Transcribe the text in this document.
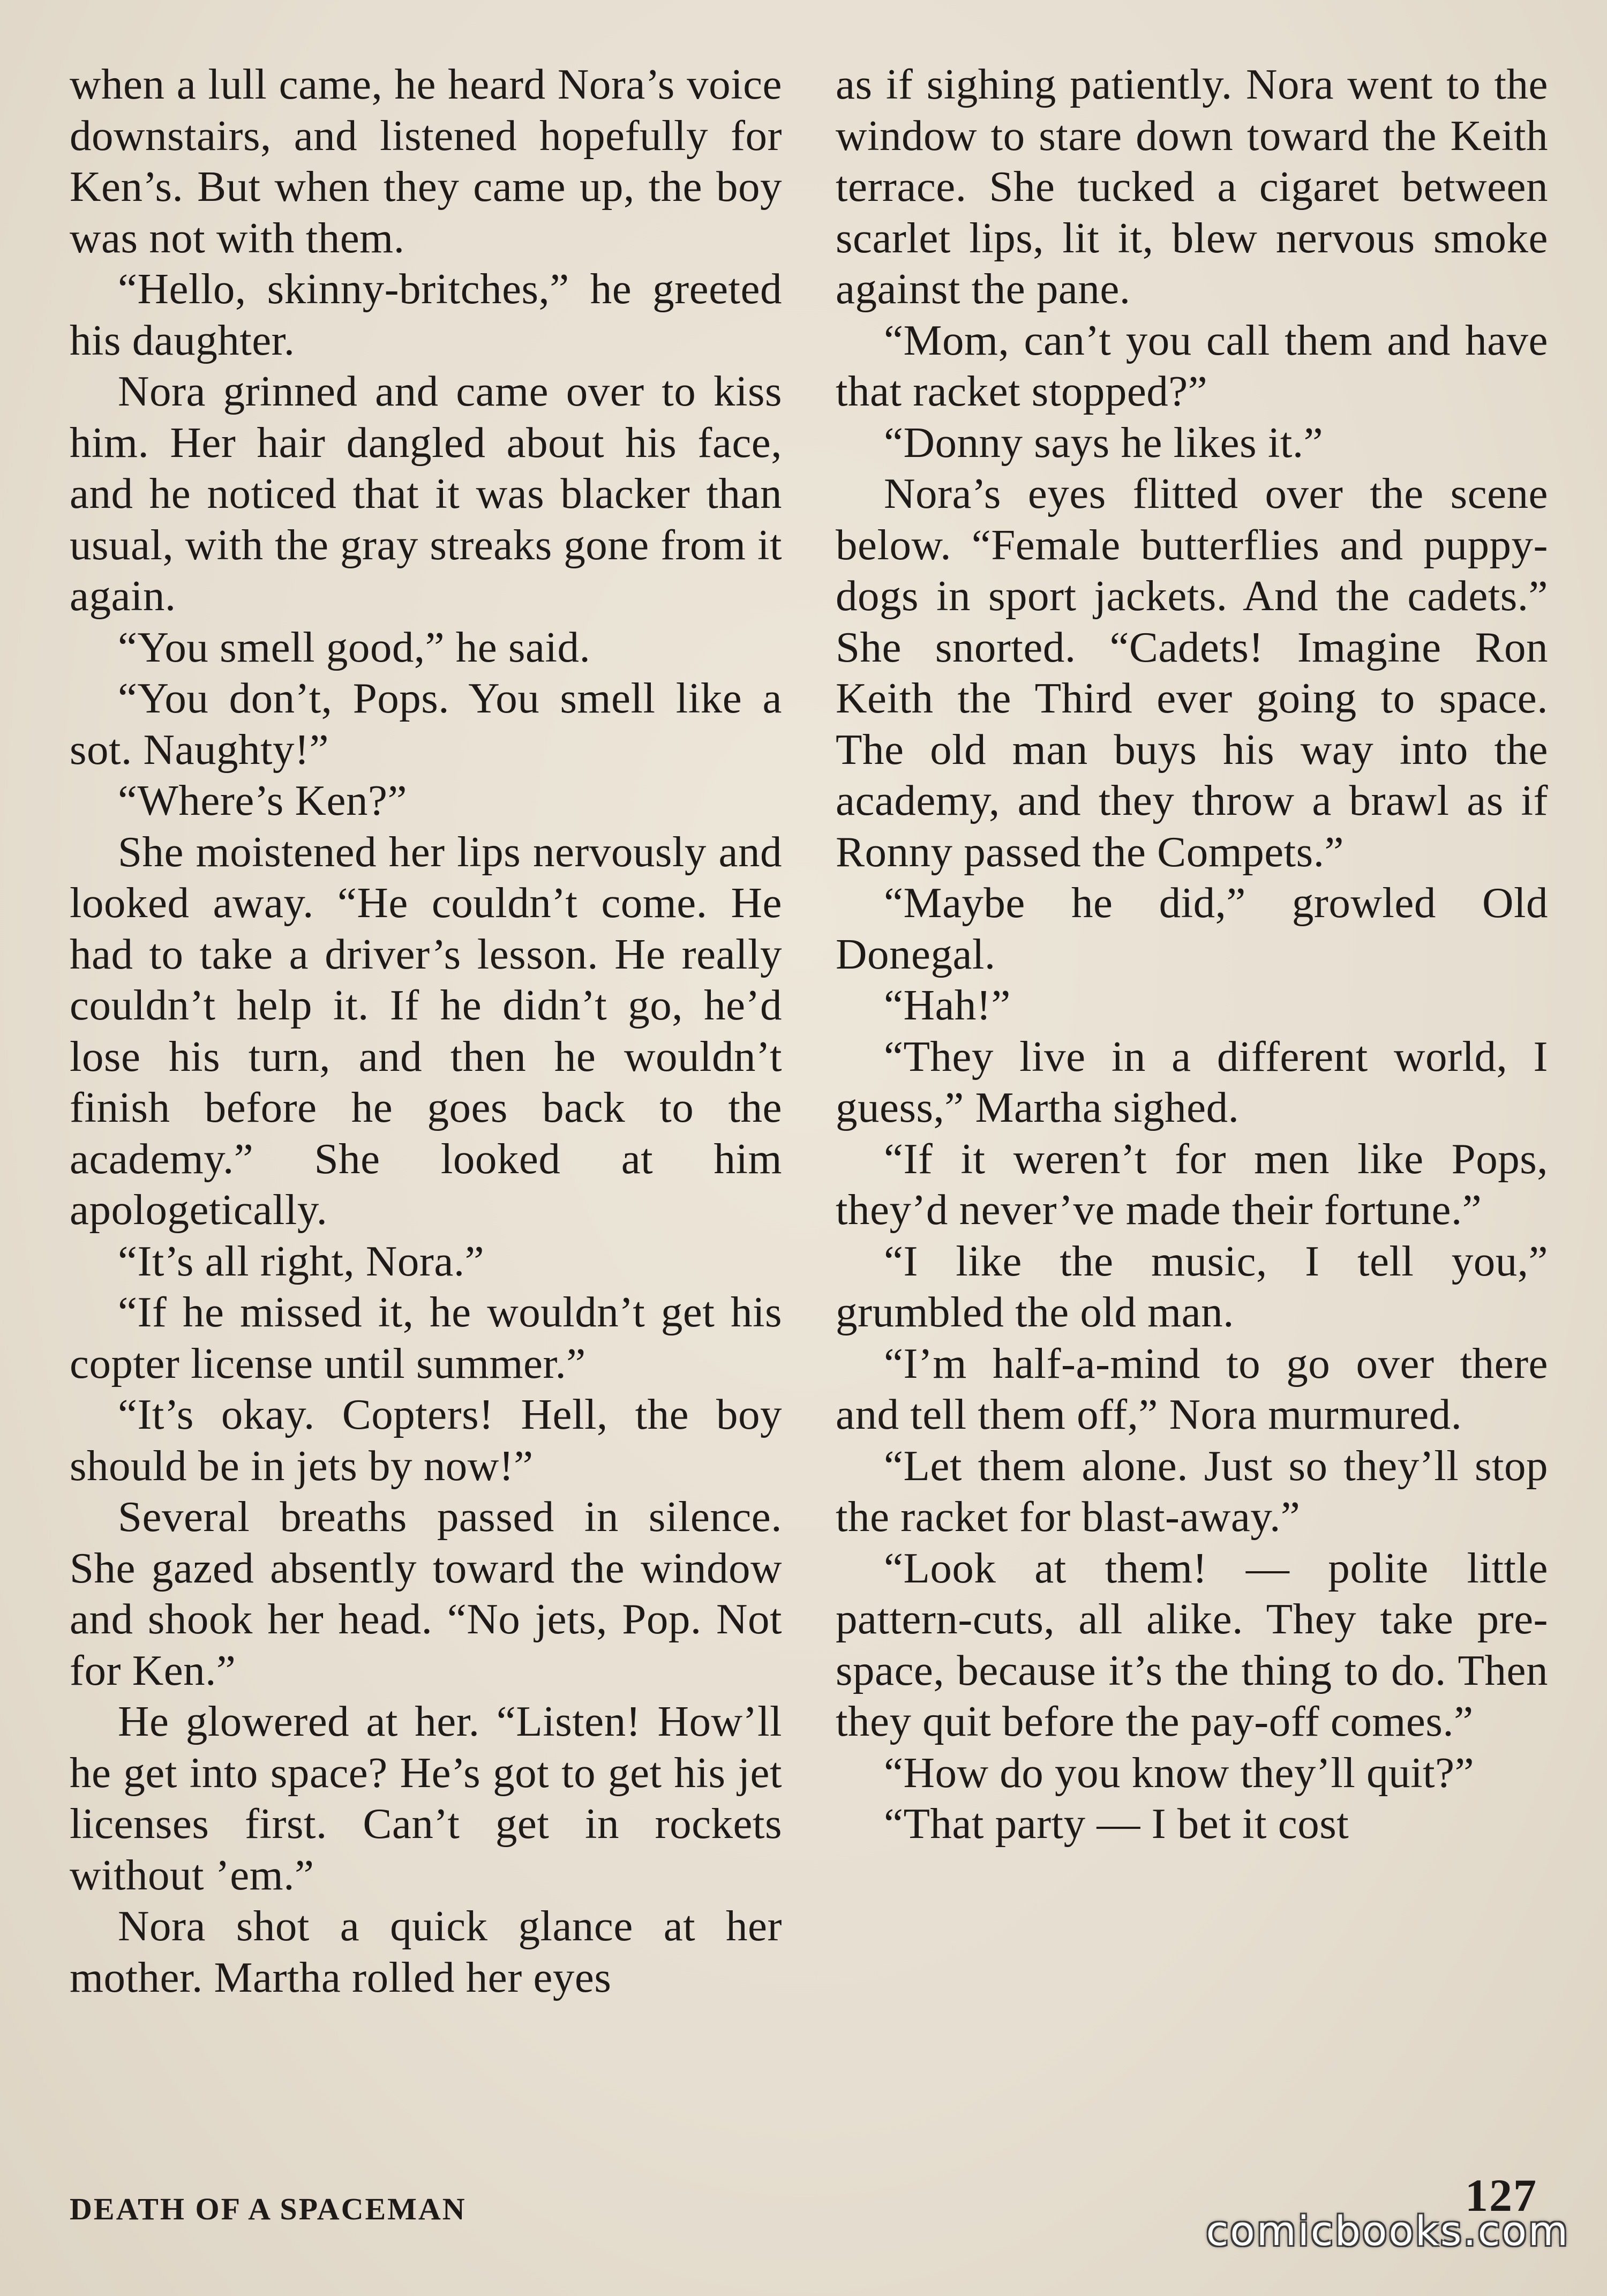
when a lull came, he heard Nora’s voice downstairs, and listened hopefully for Ken’s. But when they came up, the boy was not with them.

“Hello, skinny-britches,” he greeted his daughter.

Nora grinned and came over to kiss him. Her hair dangled about his face, and he noticed that it was blacker than usual, with the gray streaks gone from it again.

“You smell good,” he said.

“You don’t, Pops. You smell like a sot. Naughty!”

“Where’s Ken?”

She moistened her lips nervously and looked away. “He couldn’t come. He had to take a driver’s lesson. He really couldn’t help it. If he didn’t go, he’d lose his turn, and then he wouldn’t finish before he goes back to the academy.” She looked at him apologetically.

“It’s all right, Nora.”

“If he missed it, he wouldn’t get his copter license until summer.”

“It’s okay. Copters! Hell, the boy should be in jets by now!”

Several breaths passed in silence. She gazed absently toward the window and shook her head. “No jets, Pop. Not for Ken.”

He glowered at her. “Listen! How’ll he get into space? He’s got to get his jet licenses first. Can’t get in rockets without ’em.”

Nora shot a quick glance at her mother. Martha rolled her eyes

as if sighing patiently. Nora went to the window to stare down toward the Keith terrace. She tucked a cigaret between scarlet lips, lit it, blew nervous smoke against the pane.

“Mom, can’t you call them and have that racket stopped?”

“Donny says he likes it.”

Nora’s eyes flitted over the scene below. “Female butterflies and puppy-dogs in sport jackets. And the cadets.” She snorted. “Cadets! Imagine Ron Keith the Third ever going to space. The old man buys his way into the academy, and they throw a brawl as if Ronny passed the Compets.”

“Maybe he did,” growled Old Donegal.

“Hah!”

“They live in a different world, I guess,” Martha sighed.

“If it weren’t for men like Pops, they’d never’ve made their fortune.”

“I like the music, I tell you,” grumbled the old man.

“I’m half-a-mind to go over there and tell them off,” Nora murmured.

“Let them alone. Just so they’ll stop the racket for blast-away.”

“Look at them! — polite little pattern-cuts, all alike. They take pre-space, because it’s the thing to do. Then they quit before the pay-off comes.”

“How do you know they’ll quit?”

“That party — I bet it cost

DEATH OF A SPACEMAN	127
comicbooks.com
